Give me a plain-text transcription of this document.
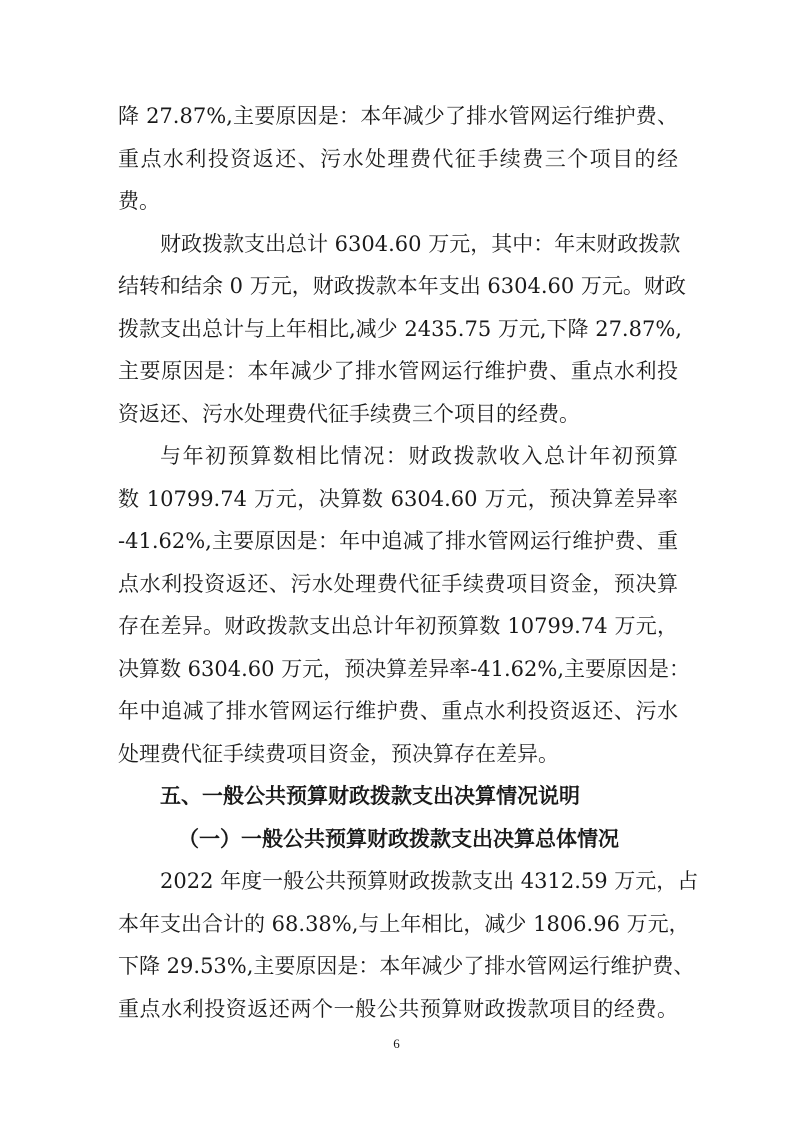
降 27.87%,主要原因是：本年减少了排水管网运行维护费、
重点水利投资返还、污水处理费代征手续费三个项目的经
费。
财政拨款支出总计 6304.60 万元，其中：年末财政拨款
结转和结余 0 万元，财政拨款本年支出 6304.60 万元。财政
拨款支出总计与上年相比,减少 2435.75 万元,下降 27.87%,
主要原因是：本年减少了排水管网运行维护费、重点水利投
资返还、污水处理费代征手续费三个项目的经费。
与年初预算数相比情况：财政拨款收入总计年初预算
数 10799.74 万元，决算数 6304.60 万元，预决算差异率
-41.62%,主要原因是：年中追减了排水管网运行维护费、重
点水利投资返还、污水处理费代征手续费项目资金，预决算
存在差异。财政拨款支出总计年初预算数 10799.74 万元，
决算数 6304.60 万元，预决算差异率-41.62%,主要原因是：
年中追减了排水管网运行维护费、重点水利投资返还、污水
处理费代征手续费项目资金，预决算存在差异。
五、一般公共预算财政拨款支出决算情况说明
（一）一般公共预算财政拨款支出决算总体情况
2022 年度一般公共预算财政拨款支出 4312.59 万元，占
本年支出合计的 68.38%,与上年相比，减少 1806.96 万元，
下降 29.53%,主要原因是：本年减少了排水管网运行维护费、
重点水利投资返还两个一般公共预算财政拨款项目的经费。
6
